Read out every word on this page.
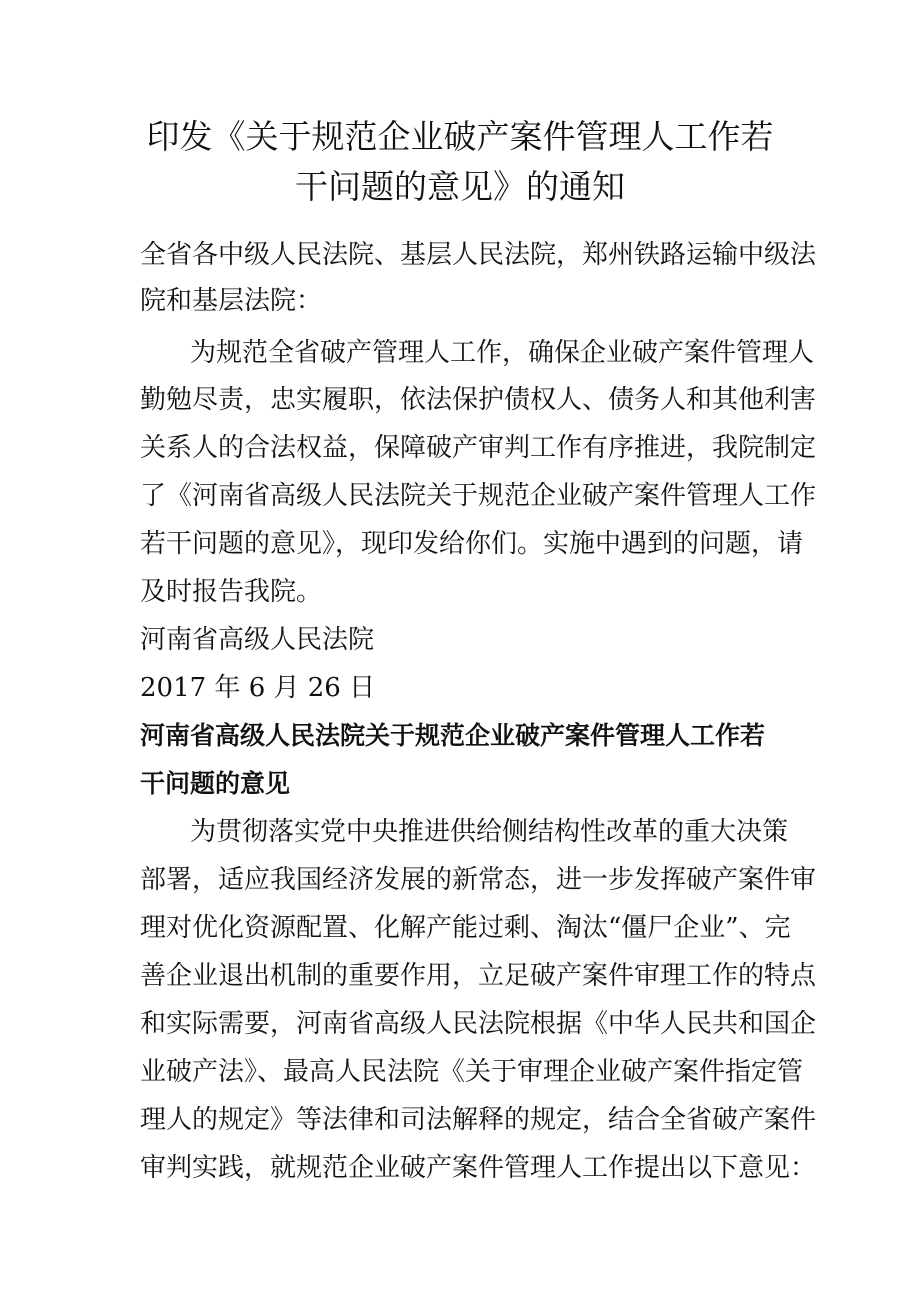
印发《关于规范企业破产案件管理人工作若
干问题的意见》的通知
全省各中级人民法院、基层人民法院，郑州铁路运输中级法
院和基层法院：
为规范全省破产管理人工作，确保企业破产案件管理人
勤勉尽责，忠实履职，依法保护债权人、债务人和其他利害
关系人的合法权益，保障破产审判工作有序推进，我院制定
了《河南省高级人民法院关于规范企业破产案件管理人工作
若干问题的意见》，现印发给你们。实施中遇到的问题，请
及时报告我院。
河南省高级人民法院
2017 年 6 月 26 日
河南省高级人民法院关于规范企业破产案件管理人工作若
干问题的意见
为贯彻落实党中央推进供给侧结构性改革的重大决策
部署，适应我国经济发展的新常态，进一步发挥破产案件审
理对优化资源配置、化解产能过剩、淘汰“僵尸企业”、完
善企业退出机制的重要作用，立足破产案件审理工作的特点
和实际需要，河南省高级人民法院根据《中华人民共和国企
业破产法》、最高人民法院《关于审理企业破产案件指定管
理人的规定》等法律和司法解释的规定，结合全省破产案件
审判实践，就规范企业破产案件管理人工作提出以下意见：
